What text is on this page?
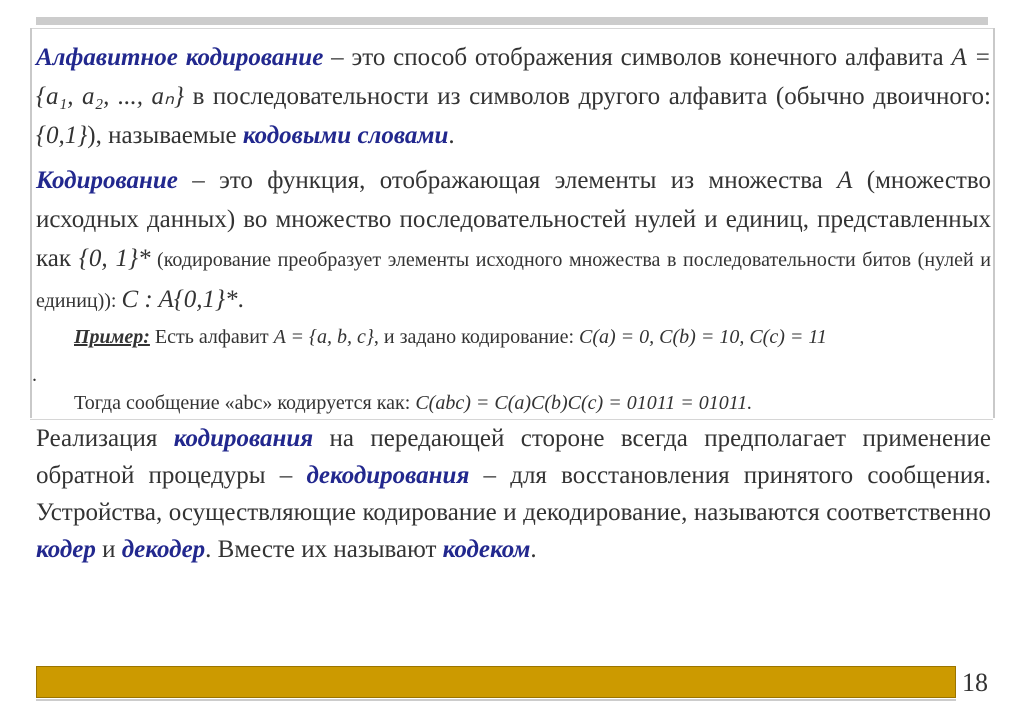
Алфавитное кодирование – это способ отображения символов конечного алфавита A = {a₁, a₂, ..., aₙ} в последовательности из символов другого алфавита (обычно двоичного: {0,1}), называемые кодовыми словами.

Кодирование – это функция, отображающая элементы из множества A (множество исходных данных) во множество последовательностей нулей и единиц, представленных как {0, 1}* (кодирование преобразует элементы исходного множества в последовательности битов (нулей и единиц)): C : A{0,1}*.

Пример: Есть алфавит A = {a, b, c}, и задано кодирование: C(a) = 0, C(b) = 10, C(c) = 11

.

Тогда сообщение «abc» кодируется как: C(abc) = C(a)C(b)C(c) = 01011 = 01011.

Реализация кодирования на передающей стороне всегда предполагает применение обратной процедуры – декодирования – для восстановления принятого сообщения. Устройства, осуществляющие кодирование и декодирование, называются соответственно кодер и декодер. Вместе их называют кодеком.

18
